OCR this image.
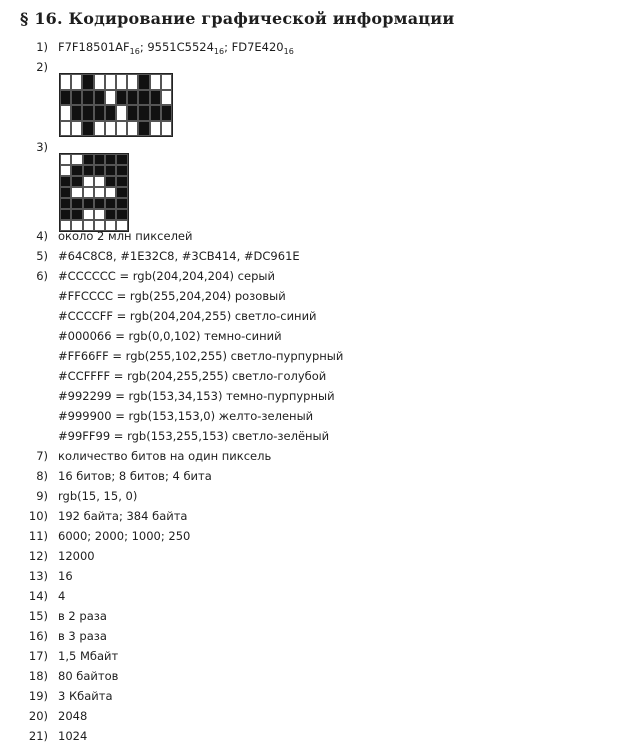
§ 16. Кодирование графической информации
1) $F7F18501AF_{16}$; $9551C5524_{16}$; $FD7E420_{16}$
2)
3)
4) около 2 млн пикселей
5) #64C8C8, #1E32C8, #3CB414, #DC961E
6) #CCCCCC = rgb(204,204,204) серый
#FFCCCC = rgb(255,204,204) розовый
#CCCCFF = rgb(204,204,255) светло-синий
#000066 = rgb(0,0,102) темно-синий
#FF66FF = rgb(255,102,255) светло-пурпурный
#CCFFFF = rgb(204,255,255) светло-голубой
#992299 = rgb(153,34,153) темно-пурпурный
#999900 = rgb(153,153,0) желто-зеленый
#99FF99 = rgb(153,255,153) светло-зелёный
7) количество битов на один пиксель
8) 16 битов; 8 битов; 4 бита
9) rgb(15, 15, 0)
10) 192 байта; 384 байта
11) 6000; 2000; 1000; 250
12) 12000
13) 16
14) 4
15) в 2 раза
16) в 3 раза
17) 1,5 Мбайт
18) 80 байтов
19) 3 Кбайта
20) 2048
21) 1024
